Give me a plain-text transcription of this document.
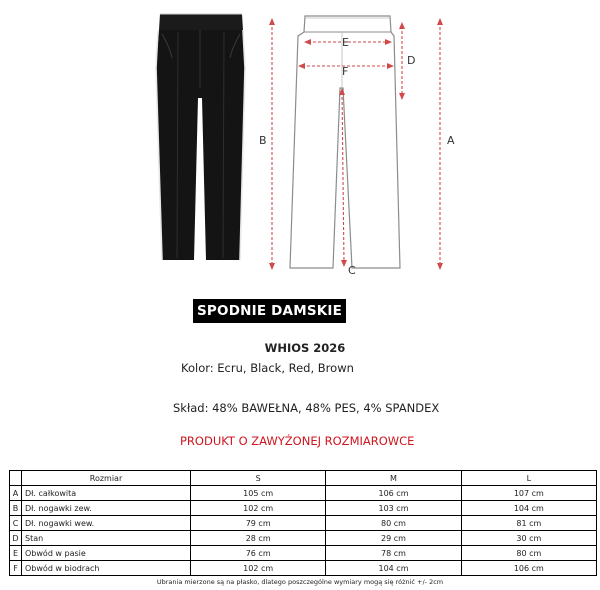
B	A
C
D
E
F
SPODNIE DAMSKIE
WHIOS 2026
Kolor: Ecru, Black, Red, Brown
Skład: 48% BAWEŁNA, 48% PES, 4% SPANDEX
PRODUKT O ZAWYŻONEJ ROZMIAROWCE
	Rozmiar	S	M	L
A	Dł. całkowita	105 cm	106 cm	107 cm
B	Dł. nogawki zew.	102 cm	103 cm	104 cm
C	Dł. nogawki wew.	79 cm	80 cm	81 cm
D	Stan	28 cm	29 cm	30 cm
E	Obwód w pasie	76 cm	78 cm	80 cm
F	Obwód w biodrach	102 cm	104 cm	106 cm
Ubrania mierzone są na płasko, dlatego poszczególne wymiary mogą się różnić +/- 2cm
